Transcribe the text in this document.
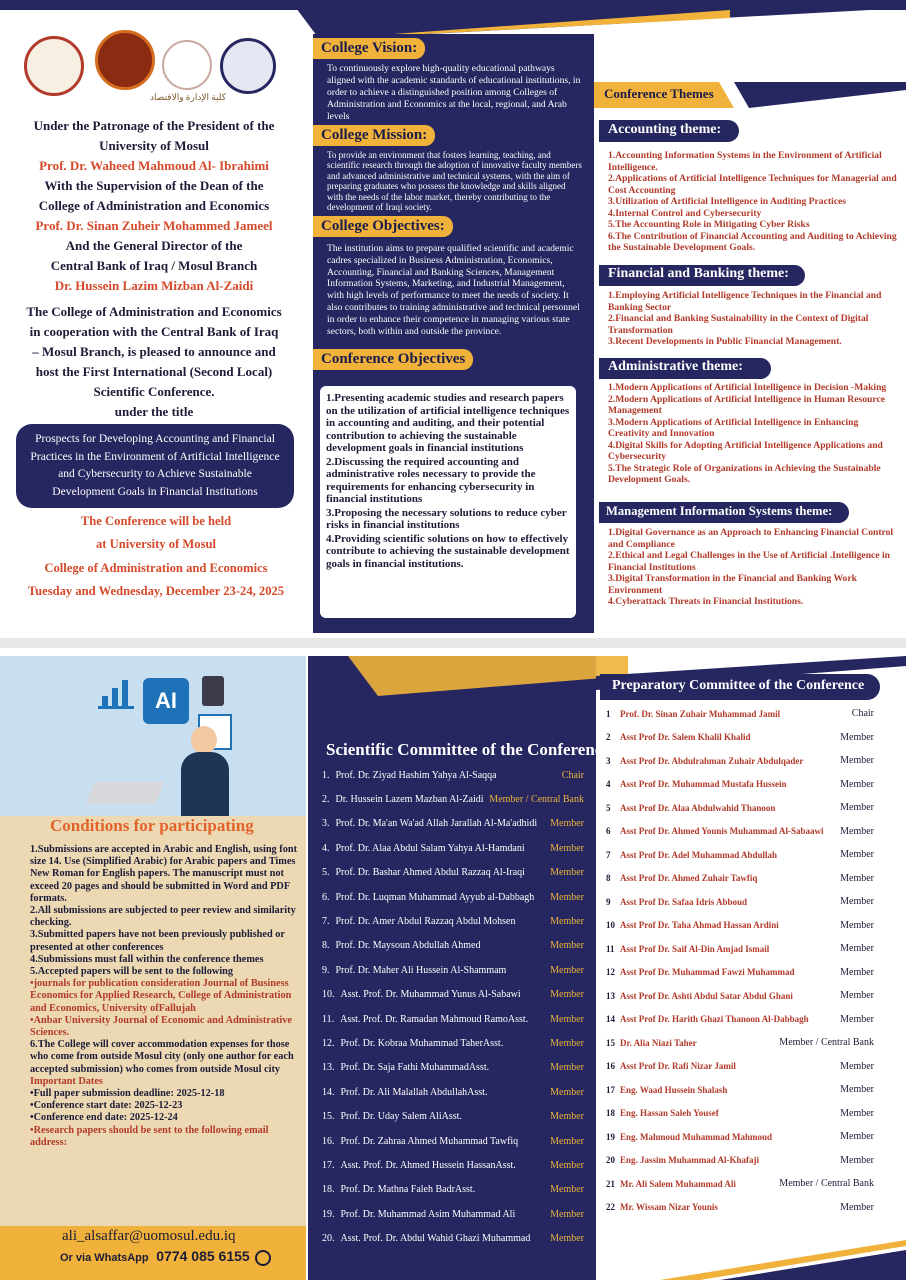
كلية الإدارة والاقتصاد
Under the Patronage of the President of the
University of Mosul
Prof. Dr. Waheed Mahmoud Al- Ibrahimi
With the Supervision of the Dean of the
College of Administration and Economics
Prof. Dr. Sinan Zuheir Mohammed Jameel
And the General Director of the
Central Bank of Iraq / Mosul Branch
Dr. Hussein Lazim Mizban Al-Zaidi
The College of Administration and Economics
in cooperation with the Central Bank of Iraq
– Mosul Branch, is pleased to announce and
host the First International (Second Local)
Scientific Conference.
under the title
Prospects for Developing Accounting and Financial
Practices in the Environment of Artificial Intelligence
and Cybersecurity to Achieve Sustainable
Development Goals in Financial Institutions
The Conference will be held
at University of Mosul
College of Administration and Economics
Tuesday and Wednesday, December 23-24, 2025
College Vision:
To continuously explore high-quality educational pathways aligned with the academic standards of educational institutions, in order to achieve a distinguished position among Colleges of Administration and Economics at the local, regional, and Arab levels
College Mission:
To provide an environment that fosters learning, teaching, and scientific research through the adoption of innovative faculty members and advanced administrative and technical systems, with the aim of preparing graduates who possess the knowledge and skills aligned with the needs of the labor market, thereby contributing to the development of Iraqi society.
College Objectives:
The institution aims to prepare qualified scientific and academic cadres specialized in Business Administration, Economics, Accounting, Financial and Banking Sciences, Management Information Systems, Marketing, and Industrial Management, with high levels of performance to meet the needs of society. It also contributes to training administrative and technical personnel in order to enhance their competence in managing various state sectors, both within and outside the province.
Conference Objectives
1.Presenting academic studies and research papers on the utilization of artificial intelligence techniques in accounting and auditing, and their potential contribution to achieving the sustainable development goals in financial institutions
2.Discussing the required accounting and administrative roles necessary to provide the requirements for enhancing cybersecurity in financial institutions
3.Proposing the necessary solutions to reduce cyber risks in financial institutions
4.Providing scientific solutions on how to effectively contribute to achieving the sustainable development goals in financial institutions.
Conference Themes
Accounting theme:
1.Accounting Information Systems in the Environment of Artificial Intelligence.
2.Applications of Artificial Intelligence Techniques for Managerial and Cost Accounting
3.Utilization of Artificial Intelligence in Auditing Practices
4.Internal Control and Cybersecurity
5.The Accounting Role in Mitigating Cyber Risks
6.The Contribution of Financial Accounting and Auditing to Achieving the Sustainable Development Goals.
Financial and Banking theme:
1.Employing Artificial Intelligence Techniques in the Financial and Banking Sector
2.Financial and Banking Sustainability in the Context of Digital Transformation
3.Recent Developments in Public Financial Management.
Administrative theme:
1.Modern Applications of Artificial Intelligence in Decision -Making
2.Modern Applications of Artificial Intelligence in Human Resource Management
3.Modern Applications of Artificial Intelligence in Enhancing Creativity and Innovation
4.Digital Skills for Adopting Artificial Intelligence Applications and Cybersecurity
5.The Strategic Role of Organizations in Achieving the Sustainable Development Goals.
Management Information Systems theme:
1.Digital Governance as an Approach to Enhancing Financial Control and Compliance
2.Ethical and Legal Challenges in the Use of Artificial .Intelligence in Financial Institutions
3.Digital Transformation in the Financial and Banking Work Environment
4.Cyberattack Threats in Financial Institutions.
AI
Conditions for participating
1.Submissions are accepted in Arabic and English, using font size 14. Use (Simplified Arabic) for Arabic papers and Times New Roman for English papers. The manuscript must not exceed 20 pages and should be submitted in Word and PDF formats.
2.All submissions are subjected to peer review and similarity checking.
3.Submitted papers have not been previously published or presented at other conferences
4.Submissions must fall within the conference themes
5.Accepted papers will be sent to the following
•journals for publication consideration Journal of Business Economics for Applied Research, College of Administration and Economics, University ofFallujah
•Anbar University Journal of Economic and Administrative Sciences.
6.The College will cover accommodation expenses for those who come from outside Mosul city (only one author for each accepted submission) who comes from outside Mosul city
Important Dates
•Full paper submission deadline: 2025-12-18
•Conference start date: 2025-12-23
•Conference end date: 2025-12-24
•Research papers should be sent to the following email address:
ali_alsaffar@uomosul.edu.iq
Or via WhatsApp 0774 085 6155
Scientific Committee of the Conference
1. Prof. Dr. Ziyad Hashim Yahya Al-Saqqa	Chair
2. Dr. Hussein Lazem Mazban Al-Zaidi Member / Central Bank
3. Prof. Dr. Ma'an Wa'ad Allah Jarallah Al-Ma'adhidi Member
4. Prof. Dr. Alaa Abdul Salam Yahya Al-Hamdani	Member
5. Prof. Dr. Bashar Ahmed Abdul Razzaq Al-Iraqi	Member
6. Prof. Dr. Luqman Muhammad Ayyub al-Dabbagh Member
7. Prof. Dr. Amer Abdul Razzaq Abdul Mohsen	Member
8. Prof. Dr. Maysoun Abdullah Ahmed	Member
9. Prof. Dr. Maher Ali Hussein Al-Shammam	Member
10. Asst. Prof. Dr. Muhammad Yunus Al-Sabawi	Member
11. Asst. Prof. Dr. Ramadan Mahmoud RamoAsst. Member
12. Prof. Dr. Kobraa Muhammad TaherAsst.	Member
13. Prof. Dr. Saja Fathi MuhammadAsst.	Member
14. Prof. Dr. Ali Malallah AbdullahAsst.	Member
15. Prof. Dr. Uday Salem AliAsst.	Member
16. Prof. Dr. Zahraa Ahmed Muhammad Tawfiq	Member
17. Asst. Prof. Dr. Ahmed Hussein HassanAsst.	Member
18. Prof. Dr. Mathna Faleh BadrAsst.	Member
19. Prof. Dr. Muhammad Asim Muhammad Ali	Member
20. Asst. Prof. Dr. Abdul Wahid Ghazi Muhammad Member
Preparatory Committee of the Conference
1 Prof. Dr. Sinan Zuhair Muhammad Jamil	Chair
2 Asst Prof Dr. Salem Khalil Khalid	Member
3 Asst Prof Dr. Abdulrahman Zuhair Abdulqader	Member
4 Asst Prof Dr. Muhammad Mustafa Hussein	Member
5 Asst Prof Dr. Alaa Abdulwahid Thanoon	Member
6 Asst Prof Dr. Ahmed Younis Muhammad Al-Sabaawi Member
7 Asst Prof Dr. Adel Muhammad Abdullah	Member
8 Asst Prof Dr. Ahmed Zuhair Tawfiq	Member
9 Asst Prof Dr. Safaa Idris Abboud	Member
10 Asst Prof Dr. Taha Ahmad Hassan Ardini	Member
11 Asst Prof Dr. Saif Al-Din Amjad Ismail	Member
12 Asst Prof Dr. Muhammad Fawzi Muhammad	Member
13 Asst Prof Dr. Ashti Abdul Satar Abdul Ghani	Member
14 Asst Prof Dr. Harith Ghazi Thanoon Al-Dabbagh	Member
15 Dr. Alia Niazi Taher	Member / Central Bank
16 Asst Prof Dr. Rafi Nizar Jamil	Member
17 Eng. Waad Hussein Shalash	Member
18 Eng. Hassan Saleh Yousef	Member
19 Eng. Mahmoud Muhammad Mahmoud	Member
20 Eng. Jassim Muhammad Al-Khafaji	Member
21 Mr. Ali Salem Muhammad Ali	Member / Central Bank
22 Mr. Wissam Nizar Younis	Member
